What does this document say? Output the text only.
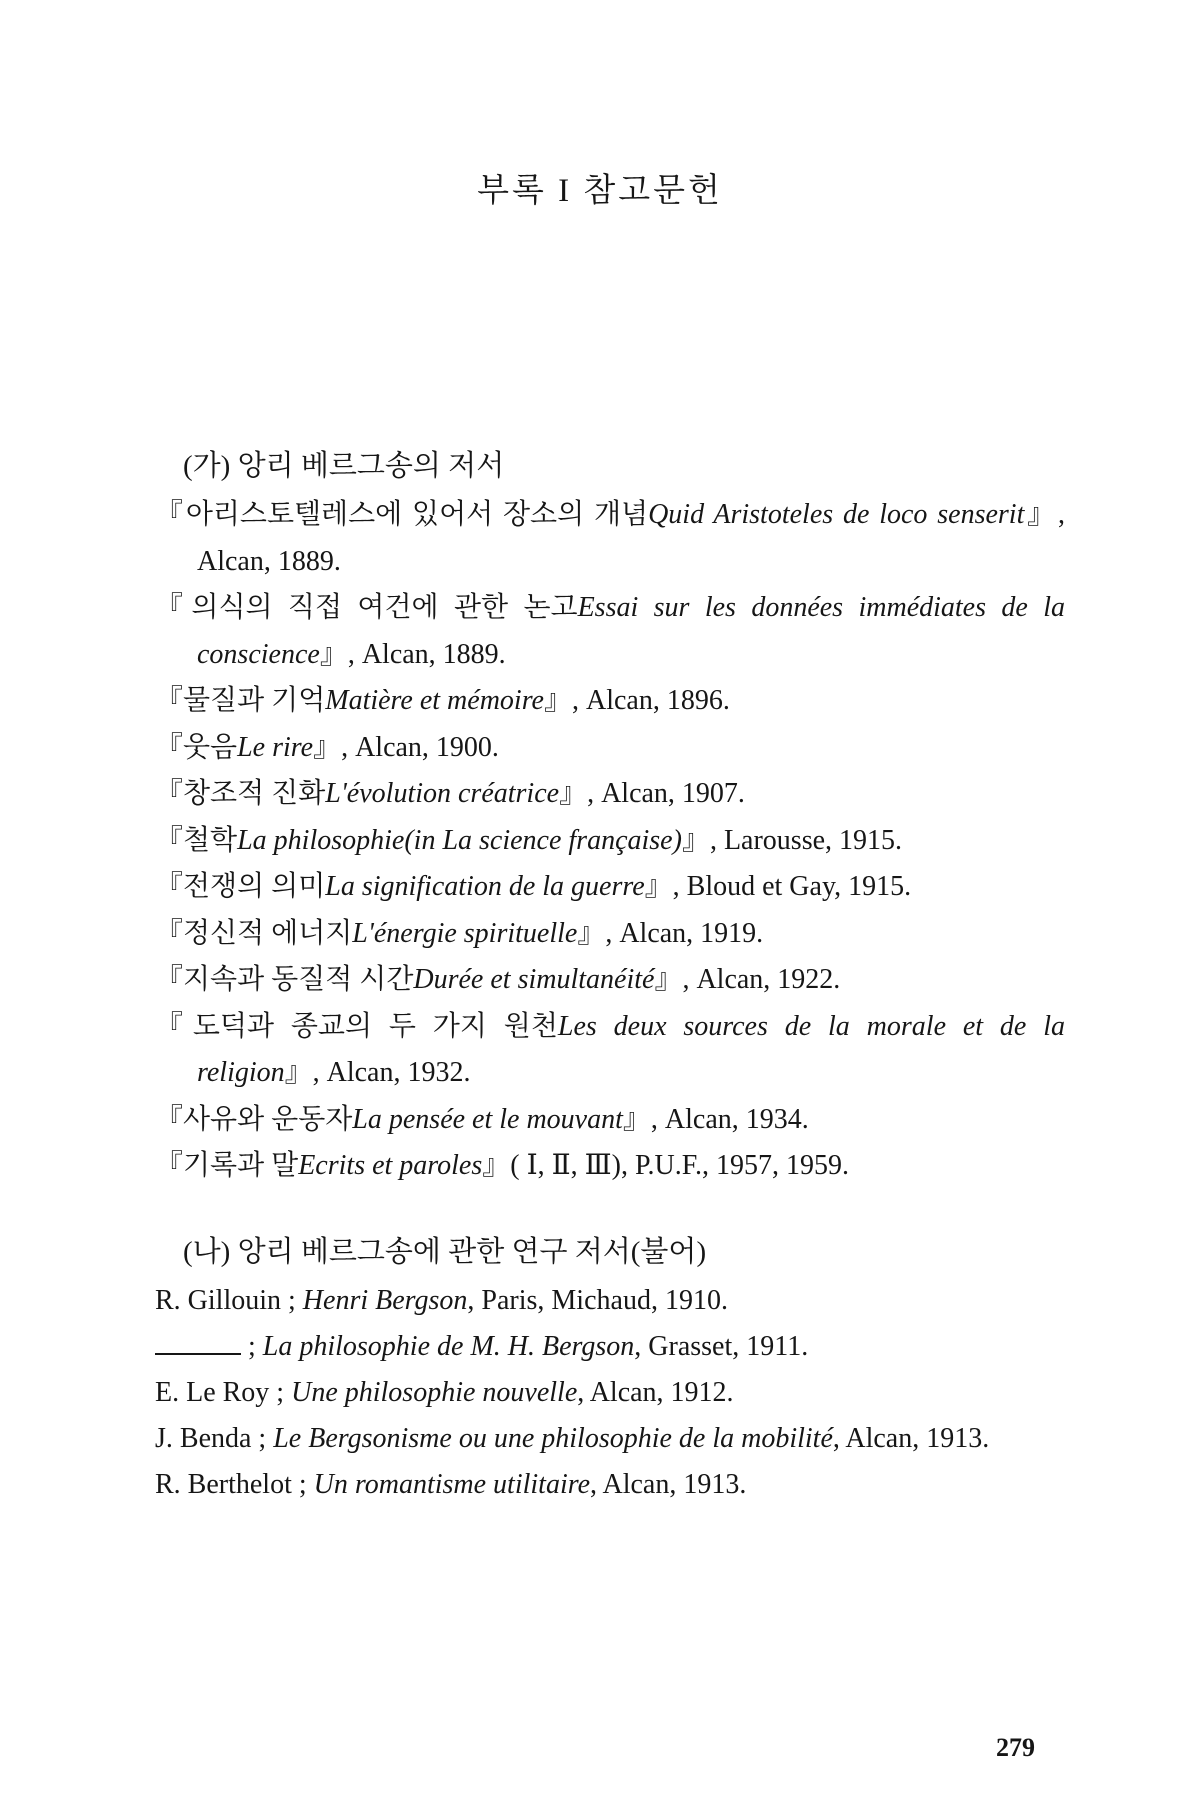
부록 I 참고문헌
(가) 앙리 베르그송의 저서
『아리스토텔레스에 있어서 장소의 개념Quid Aristoteles de loco senserit』, Alcan, 1889.
『의식의 직접 여건에 관한 논고Essai sur les données immédiates de la conscience』, Alcan, 1889.
『물질과 기억Matière et mémoire』, Alcan, 1896.
『웃음Le rire』, Alcan, 1900.
『창조적 진화L'évolution créatrice』, Alcan, 1907.
『철학La philosophie(in La science française)』, Larousse, 1915.
『전쟁의 의미La signification de la guerre』, Bloud et Gay, 1915.
『정신적 에너지L'énergie spirituelle』, Alcan, 1919.
『지속과 동질적 시간Durée et simultanéité』, Alcan, 1922.
『도덕과 종교의 두 가지 원천Les deux sources de la morale et de la religion』, Alcan, 1932.
『사유와 운동자La pensée et le mouvant』, Alcan, 1934.
『기록과 말Ecrits et paroles』( Ⅰ, Ⅱ, Ⅲ), P.U.F., 1957, 1959.
(나) 앙리 베르그송에 관한 연구 저서(불어)
R. Gillouin ; Henri Bergson, Paris, Michaud, 1910.
; La philosophie de M. H. Bergson, Grasset, 1911.
E. Le Roy ; Une philosophie nouvelle, Alcan, 1912.
J. Benda ; Le Bergsonisme ou une philosophie de la mobilité, Alcan, 1913.
R. Berthelot ; Un romantisme utilitaire, Alcan, 1913.
279
